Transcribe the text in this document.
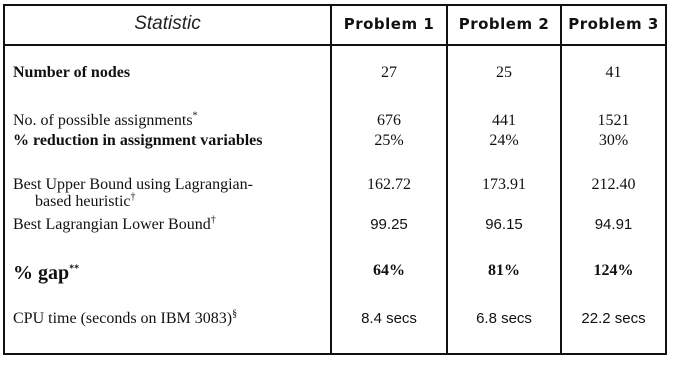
Statistic	Problem 1	Problem 2	Problem 3
Number of nodes	27	25	41
No. of possible assignments*	676	441	1521
% reduction in assignment variables	25%	24%	30%
Best Upper Bound using Lagrangian-	162.72	173.91	212.40
based heuristic†
Best Lagrangian Lower Bound†	99.25	96.15	94.91
% gap**	64%	81%	124%
CPU time (seconds on IBM 3083)§	8.4 secs	6.8 secs	22.2 secs
